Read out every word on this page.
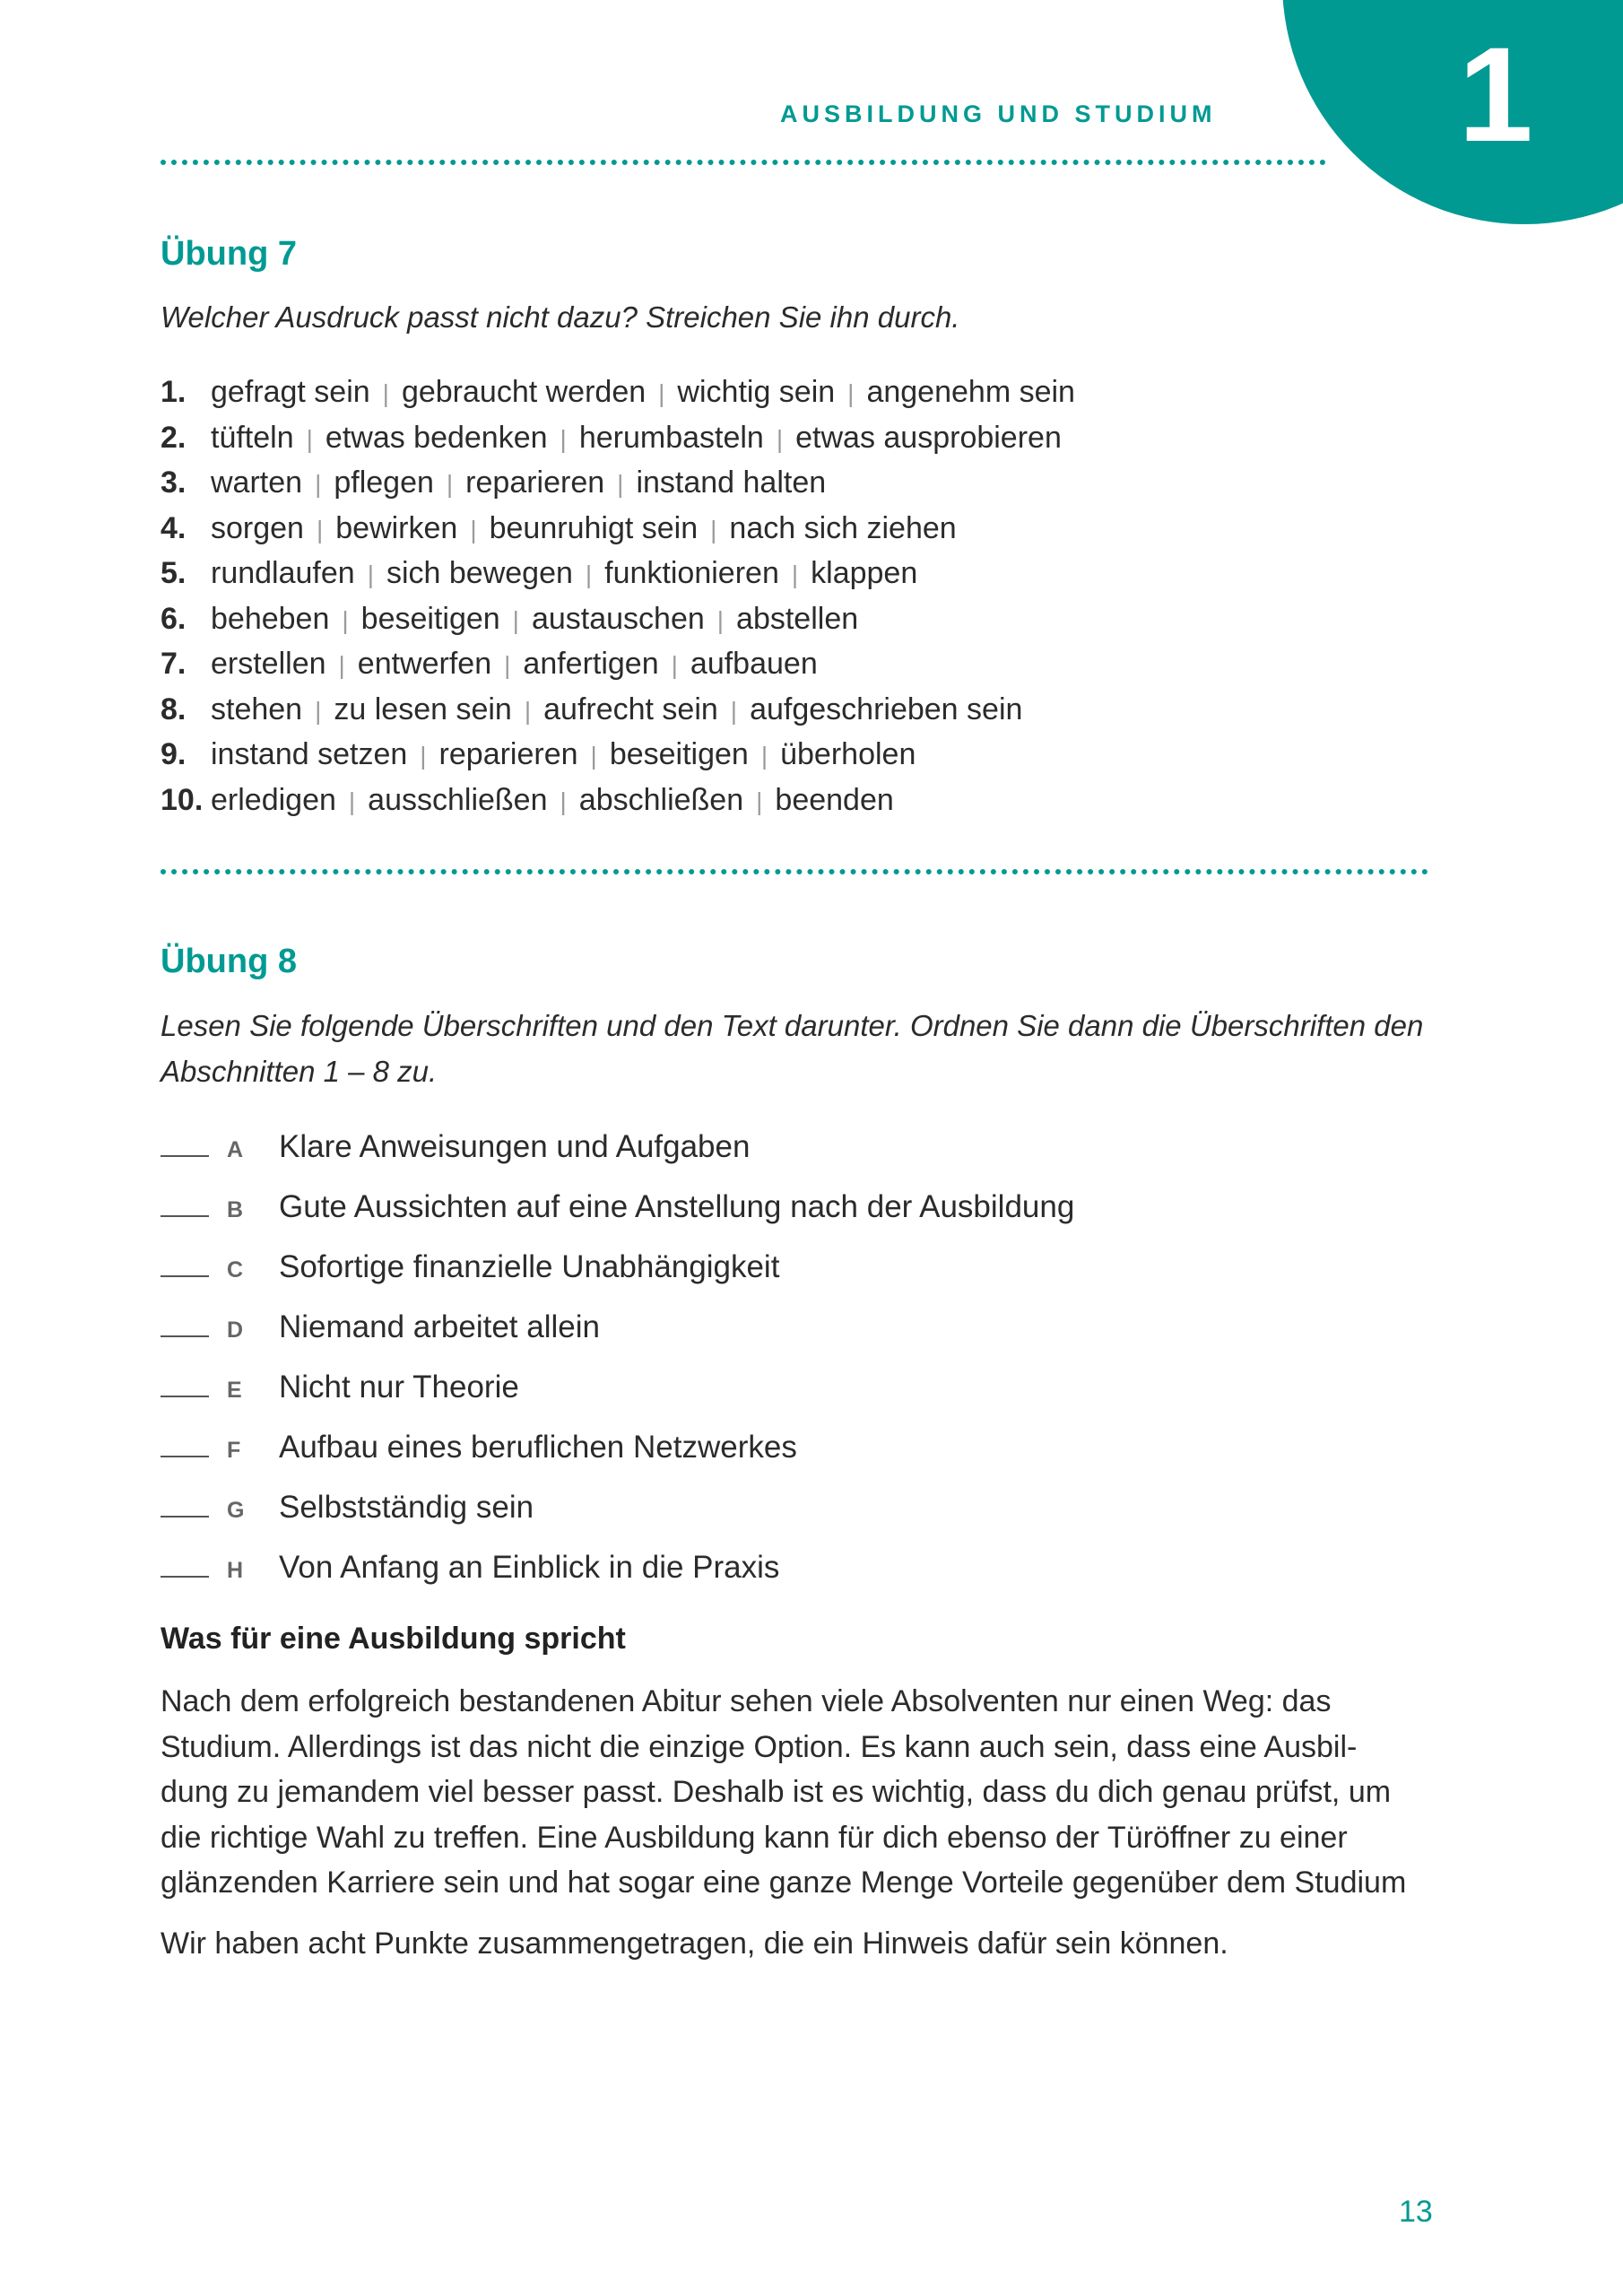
1
AUSBILDUNG UND STUDIUM
Übung 7
Welcher Ausdruck passt nicht dazu? Streichen Sie ihn durch.
1. gefragt sein | gebraucht werden | wichtig sein | angenehm sein
2. tüfteln | etwas bedenken | herumbasteln | etwas ausprobieren
3. warten | pflegen | reparieren | instand halten
4. sorgen | bewirken | beunruhigt sein | nach sich ziehen
5. rundlaufen | sich bewegen | funktionieren | klappen
6. beheben | beseitigen | austauschen | abstellen
7. erstellen | entwerfen | anfertigen | aufbauen
8. stehen | zu lesen sein | aufrecht sein | aufgeschrieben sein
9. instand setzen | reparieren | beseitigen | überholen
10. erledigen | ausschließen | abschließen | beenden
Übung 8
Lesen Sie folgende Überschriften und den Text darunter. Ordnen Sie dann die Überschriften den
Abschnitten 1 – 8 zu.
A Klare Anweisungen und Aufgaben
B Gute Aussichten auf eine Anstellung nach der Ausbildung
C Sofortige finanzielle Unabhängigkeit
D Niemand arbeitet allein
E Nicht nur Theorie
F Aufbau eines beruflichen Netzwerkes
G Selbstständig sein
H Von Anfang an Einblick in die Praxis
Was für eine Ausbildung spricht
Nach dem erfolgreich bestandenen Abitur sehen viele Absolventen nur einen Weg: das
Studium. Allerdings ist das nicht die einzige Option. Es kann auch sein, dass eine Ausbil-
dung zu jemandem viel besser passt. Deshalb ist es wichtig, dass du dich genau prüfst, um
die richtige Wahl zu treffen. Eine Ausbildung kann für dich ebenso der Türöffner zu einer
glänzenden Karriere sein und hat sogar eine ganze Menge Vorteile gegenüber dem Studium
Wir haben acht Punkte zusammengetragen, die ein Hinweis dafür sein können.
13
